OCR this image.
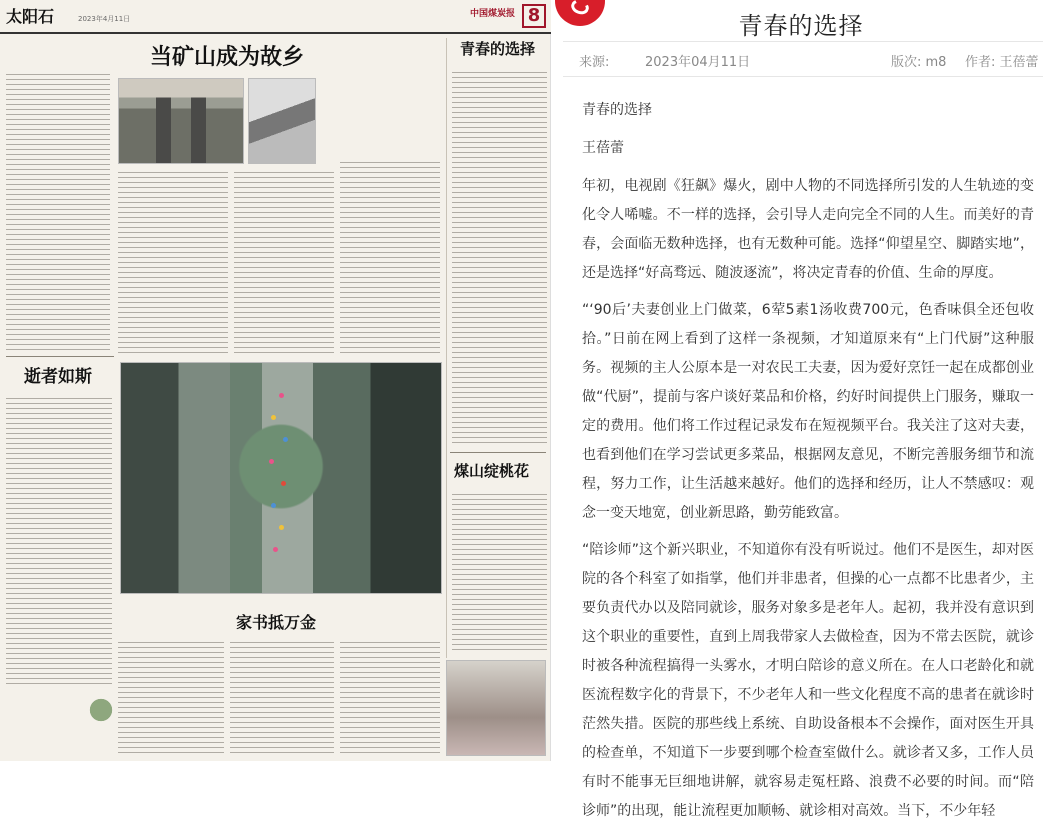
太阳石	2023年4月11日	中国煤炭报 8
当矿山成为故乡	青春的选择
逝者如斯
家书抵万金
煤山绽桃花
青春的选择
来源:	2023年04月11日	版次: m8 作者: 王蓓蕾

青春的选择

王蓓蕾

年初，电视剧《狂飙》爆火，剧中人物的不同选择所引发的人生轨迹的变化令人唏嘘。不一样的选择，会引导人走向完全不同的人生。而美好的青春，会面临无数种选择，也有无数种可能。选择“仰望星空、脚踏实地”，还是选择“好高骛远、随波逐流”，将决定青春的价值、生命的厚度。

“‘90后’夫妻创业上门做菜，6荤5素1汤收费700元，色香味俱全还包收拾。”日前在网上看到了这样一条视频，才知道原来有“上门代厨”这种服务。视频的主人公原本是一对农民工夫妻，因为爱好烹饪一起在成都创业做“代厨”，提前与客户谈好菜品和价格，约好时间提供上门服务，赚取一定的费用。他们将工作过程记录发布在短视频平台。我关注了这对夫妻，也看到他们在学习尝试更多菜品，根据网友意见，不断完善服务细节和流程，努力工作，让生活越来越好。他们的选择和经历，让人不禁感叹：观念一变天地宽，创业新思路，勤劳能致富。

“陪诊师”这个新兴职业，不知道你有没有听说过。他们不是医生，却对医院的各个科室了如指掌，他们并非患者，但操的心一点都不比患者少，主要负责代办以及陪同就诊，服务对象多是老年人。起初，我并没有意识到这个职业的重要性，直到上周我带家人去做检查，因为不常去医院，就诊时被各种流程搞得一头雾水，才明白陪诊的意义所在。在人口老龄化和就医流程数字化的背景下，不少老年人和一些文化程度不高的患者在就诊时茫然失措。医院的那些线上系统、自助设备根本不会操作，面对医生开具的检查单，不知道下一步要到哪个检查室做什么。就诊者又多，工作人员有时不能事无巨细地讲解，就容易走冤枉路、浪费不必要的时间。而“陪诊师”的出现，能让流程更加顺畅、就诊相对高效。当下，不少年轻
